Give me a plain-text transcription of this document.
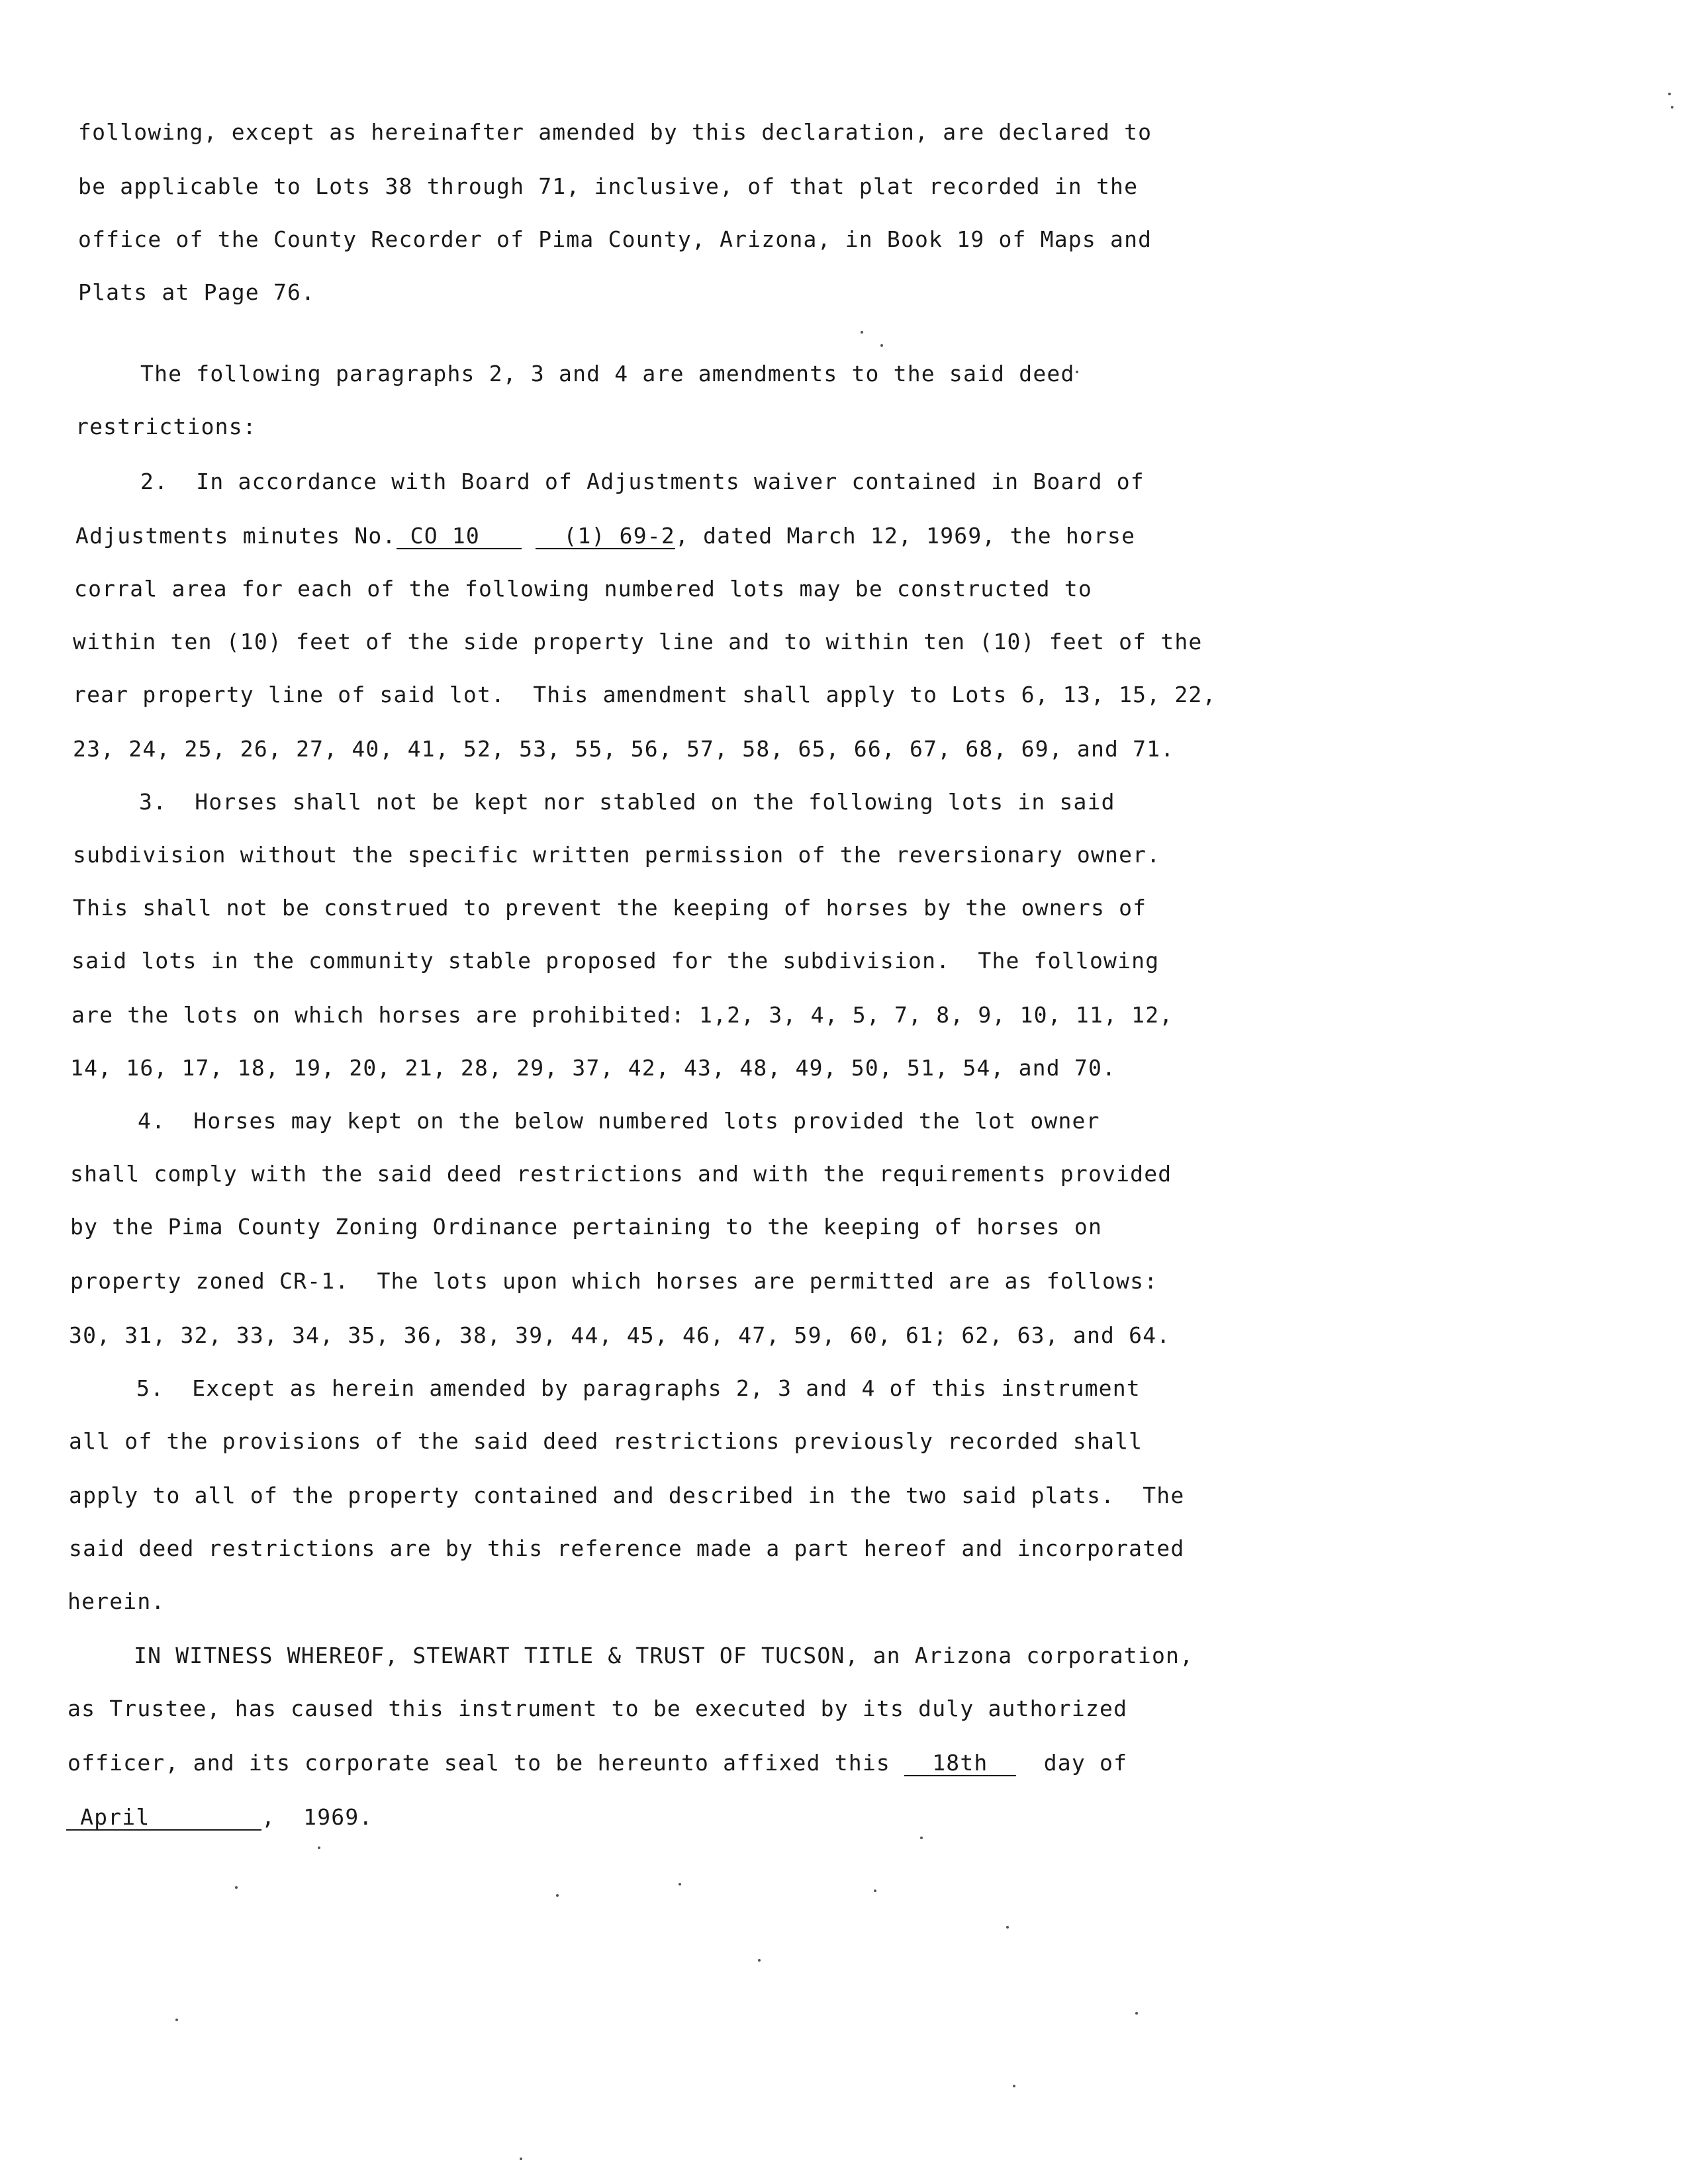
following, except as hereinafter amended by this declaration, are declared to
be applicable to Lots 38 through 71, inclusive, of that plat recorded in the
office of the County Recorder of Pima County, Arizona, in Book 19 of Maps and
Plats at Page 76.
The following paragraphs 2, 3 and 4 are amendments to the said deed
restrictions:
2.  In accordance with Board of Adjustments waiver contained in Board of
Adjustments minutes No. CO 10      (1) 69-2, dated March 12, 1969, the horse
corral area for each of the following numbered lots may be constructed to
within ten (10) feet of the side property line and to within ten (10) feet of the
rear property line of said lot.  This amendment shall apply to Lots 6, 13, 15, 22,
23, 24, 25, 26, 27, 40, 41, 52, 53, 55, 56, 57, 58, 65, 66, 67, 68, 69, and 71.
3.  Horses shall not be kept nor stabled on the following lots in said
subdivision without the specific written permission of the reversionary owner.
This shall not be construed to prevent the keeping of horses by the owners of
said lots in the community stable proposed for the subdivision.  The following
are the lots on which horses are prohibited: 1,2, 3, 4, 5, 7, 8, 9, 10, 11, 12,
14, 16, 17, 18, 19, 20, 21, 28, 29, 37, 42, 43, 48, 49, 50, 51, 54, and 70.
4.  Horses may kept on the below numbered lots provided the lot owner
shall comply with the said deed restrictions and with the requirements provided
by the Pima County Zoning Ordinance pertaining to the keeping of horses on
property zoned CR-1.  The lots upon which horses are permitted are as follows:
30, 31, 32, 33, 34, 35, 36, 38, 39, 44, 45, 46, 47, 59, 60, 61; 62, 63, and 64.
5.  Except as herein amended by paragraphs 2, 3 and 4 of this instrument
all of the provisions of the said deed restrictions previously recorded shall
apply to all of the property contained and described in the two said plats.  The
said deed restrictions are by this reference made a part hereof and incorporated
herein.
IN WITNESS WHEREOF, STEWART TITLE & TRUST OF TUCSON, an Arizona corporation,
as Trustee, has caused this instrument to be executed by its duly authorized
officer, and its corporate seal to be hereunto affixed this   18th    day of
April        ,  1969.
